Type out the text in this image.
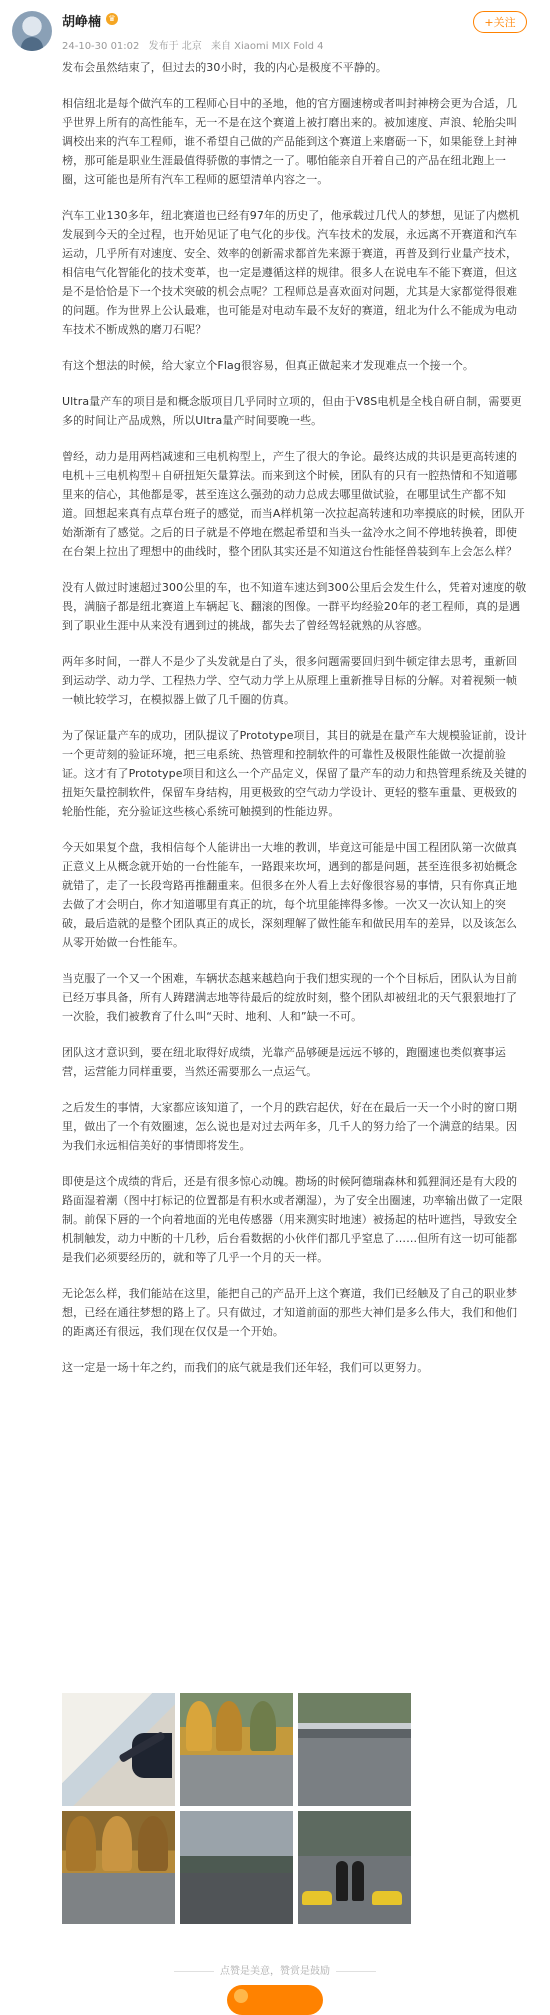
胡峥楠 ♛
24-10-30 01:02 发布于 北京 来自 Xiaomi MIX Fold 4
+关注

发布会虽然结束了，但过去的30小时，我的内心是极度不平静的。

相信纽北是每个做汽车的工程师心目中的圣地，他的官方圈速榜或者叫封神榜会更为合适，几乎世界上所有的高性能车，无一不是在这个赛道上被打磨出来的。被加速度、声浪、轮胎尖叫调校出来的汽车工程师，谁不希望自己做的产品能到这个赛道上来磨砺一下，如果能登上封神榜，那可能是职业生涯最值得骄傲的事情之一了。哪怕能亲自开着自己的产品在纽北跑上一圈，这可能也是所有汽车工程师的愿望清单内容之一。

汽车工业130多年，纽北赛道也已经有97年的历史了，他承载过几代人的梦想，见证了内燃机发展到今天的全过程，也开始见证了电气化的步伐。汽车技术的发展，永远离不开赛道和汽车运动，几乎所有对速度、安全、效率的创新需求都首先来源于赛道，再普及到行业量产技术，相信电气化智能化的技术变革，也一定是遵循这样的规律。很多人在说电车不能下赛道，但这是不是恰恰是下一个技术突破的机会点呢？工程师总是喜欢面对问题，尤其是大家都觉得很难的问题。作为世界上公认最难，也可能是对电动车最不友好的赛道，纽北为什么不能成为电动车技术不断成熟的磨刀石呢？

有这个想法的时候，给大家立个Flag很容易，但真正做起来才发现难点一个接一个。

Ultra量产车的项目是和概念版项目几乎同时立项的，但由于V8S电机是全栈自研自制，需要更多的时间让产品成熟，所以Ultra量产时间要晚一些。

曾经，动力是用两档减速和三电机构型上，产生了很大的争论。最终达成的共识是更高转速的电机＋三电机构型＋自研扭矩矢量算法。而来到这个时候，团队有的只有一腔热情和不知道哪里来的信心，其他都是零，甚至连这么强劲的动力总成去哪里做试验，在哪里试生产都不知道。回想起来真有点草台班子的感觉，而当A样机第一次拉起高转速和功率摸底的时候，团队开始渐渐有了感觉。之后的日子就是不停地在燃起希望和当头一盆冷水之间不停地转换着，即使在台架上拉出了理想中的曲线时，整个团队其实还是不知道这台性能怪兽装到车上会怎么样？

没有人做过时速超过300公里的车，也不知道车速达到300公里后会发生什么，凭着对速度的敬畏，满脑子都是纽北赛道上车辆起飞、翻滚的图像。一群平均经验20年的老工程师，真的是遇到了职业生涯中从来没有遇到过的挑战，都失去了曾经驾轻就熟的从容感。

两年多时间，一群人不是少了头发就是白了头，很多问题需要回归到牛顿定律去思考，重新回到运动学、动力学、工程热力学、空气动力学上从原理上重新推导目标的分解。对着视频一帧一帧比较学习，在模拟器上做了几千圈的仿真。

为了保证量产车的成功，团队提议了Prototype项目，其目的就是在量产车大规模验证前，设计一个更苛刻的验证环境，把三电系统、热管理和控制软件的可靠性及极限性能做一次提前验证。这才有了Prototype项目和这么一个产品定义，保留了量产车的动力和热管理系统及关键的扭矩矢量控制软件，保留车身结构，用更极致的空气动力学设计、更轻的整车重量、更极致的轮胎性能，充分验证这些核心系统可触摸到的性能边界。

今天如果复个盘，我相信每个人能讲出一大堆的教训，毕竟这可能是中国工程团队第一次做真正意义上从概念就开始的一台性能车，一路跟来坎坷，遇到的都是问题，甚至连很多初始概念就错了，走了一长段弯路再推翻重来。但很多在外人看上去好像很容易的事情，只有你真正地去做了才会明白，你才知道哪里有真正的坑，每个坑里能摔得多惨。一次又一次认知上的突破，最后造就的是整个团队真正的成长，深刻理解了做性能车和做民用车的差异，以及该怎么从零开始做一台性能车。

当克服了一个又一个困难，车辆状态越来越趋向于我们想实现的一个个目标后，团队认为目前已经万事具备，所有人踌躇满志地等待最后的绽放时刻，整个团队却被纽北的天气狠狠地打了一次脸，我们被教育了什么叫“天时、地利、人和”缺一不可。

团队这才意识到，要在纽北取得好成绩，光靠产品够硬是远远不够的，跑圈速也类似赛事运营，运营能力同样重要，当然还需要那么一点运气。

之后发生的事情，大家都应该知道了，一个月的跌宕起伏，好在在最后一天一个小时的窗口期里，做出了一个有效圈速，怎么说也是对过去两年多，几千人的努力给了一个满意的结果。因为我们永远相信美好的事情即将发生。

即使是这个成绩的背后，还是有很多惊心动魄。勘场的时候阿德瑞森林和狐狸洞还是有大段的路面湿着潮（图中打标记的位置都是有积水或者潮湿），为了安全出圈速，功率输出做了一定限制。前保下唇的一个向着地面的光电传感器（用来测实时地速）被扬起的枯叶遮挡，导致安全机制触发，动力中断的十几秒，后台看数据的小伙伴们都几乎窒息了……但所有这一切可能都是我们必须要经历的，就和等了几乎一个月的天一样。

无论怎么样，我们能站在这里，能把自己的产品开上这个赛道，我们已经触及了自己的职业梦想，已经在通往梦想的路上了。只有做过，才知道前面的那些大神们是多么伟大，我们和他们的距离还有很远，我们现在仅仅是一个开始。

这一定是一场十年之约，而我们的底气就是我们还年轻，我们可以更努力。

点赞是美意，赞赏是鼓励
